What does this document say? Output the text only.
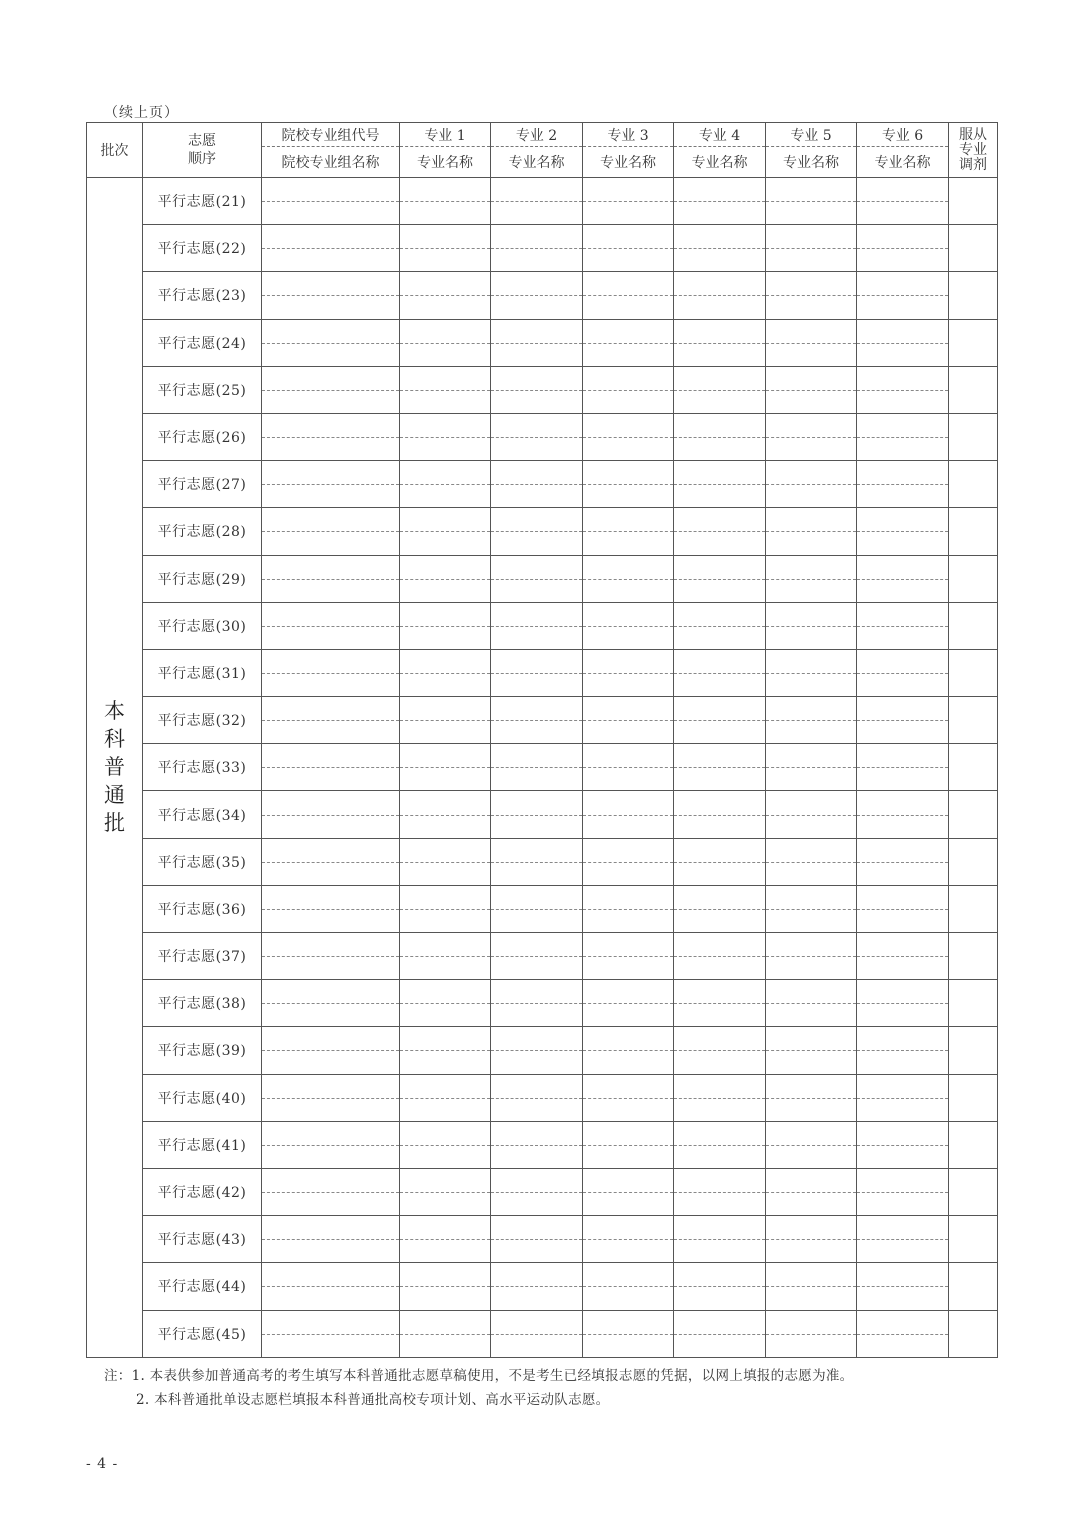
（续上页）
批次	志愿
顺序	院校专业组代号	专业 1	专业 2	专业 3	专业 4	专业 5	专业 6	服从专业调剂

		院校专业组名称	专业名称	专业名称	专业名称	专业名称	专业名称	专业名称	

本科普通批	平行志愿(21)	

	平行志愿(22)	

	平行志愿(23)	

	平行志愿(24)	

	平行志愿(25)	

	平行志愿(26)	

	平行志愿(27)	

	平行志愿(28)	

	平行志愿(29)	

	平行志愿(30)	

	平行志愿(31)	

	平行志愿(32)	

	平行志愿(33)	

	平行志愿(34)	

	平行志愿(35)	

	平行志愿(36)	

	平行志愿(37)	

	平行志愿(38)	

	平行志愿(39)	

	平行志愿(40)	

	平行志愿(41)	

	平行志愿(42)	

	平行志愿(43)	

	平行志愿(44)	

	平行志愿(45)	

注：1. 本表供参加普通高考的考生填写本科普通批志愿草稿使用，不是考生已经填报志愿的凭据，以网上填报的志愿为准。
2. 本科普通批单设志愿栏填报本科普通批高校专项计划、高水平运动队志愿。
- 4 -
